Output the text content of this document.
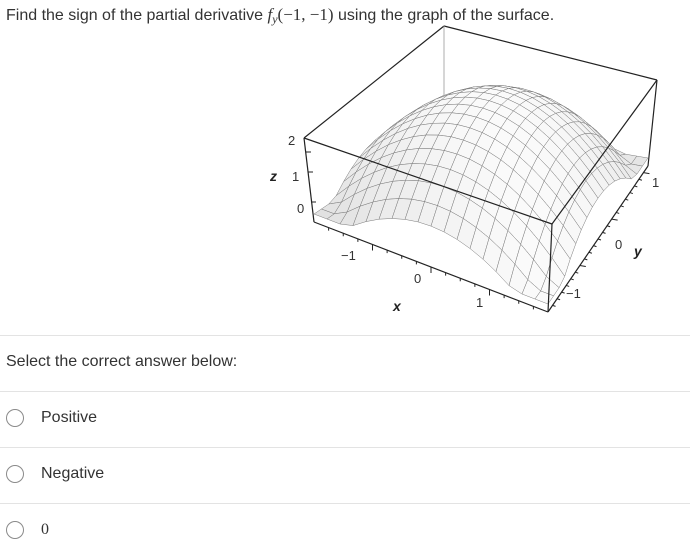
Find the sign of the partial derivative $f_y(-1$, −1) using the graph of the surface.
z
2
1
0
−1
0
1
x
−1
0
1
y
Select the correct answer below:
Positive
Negative
0
